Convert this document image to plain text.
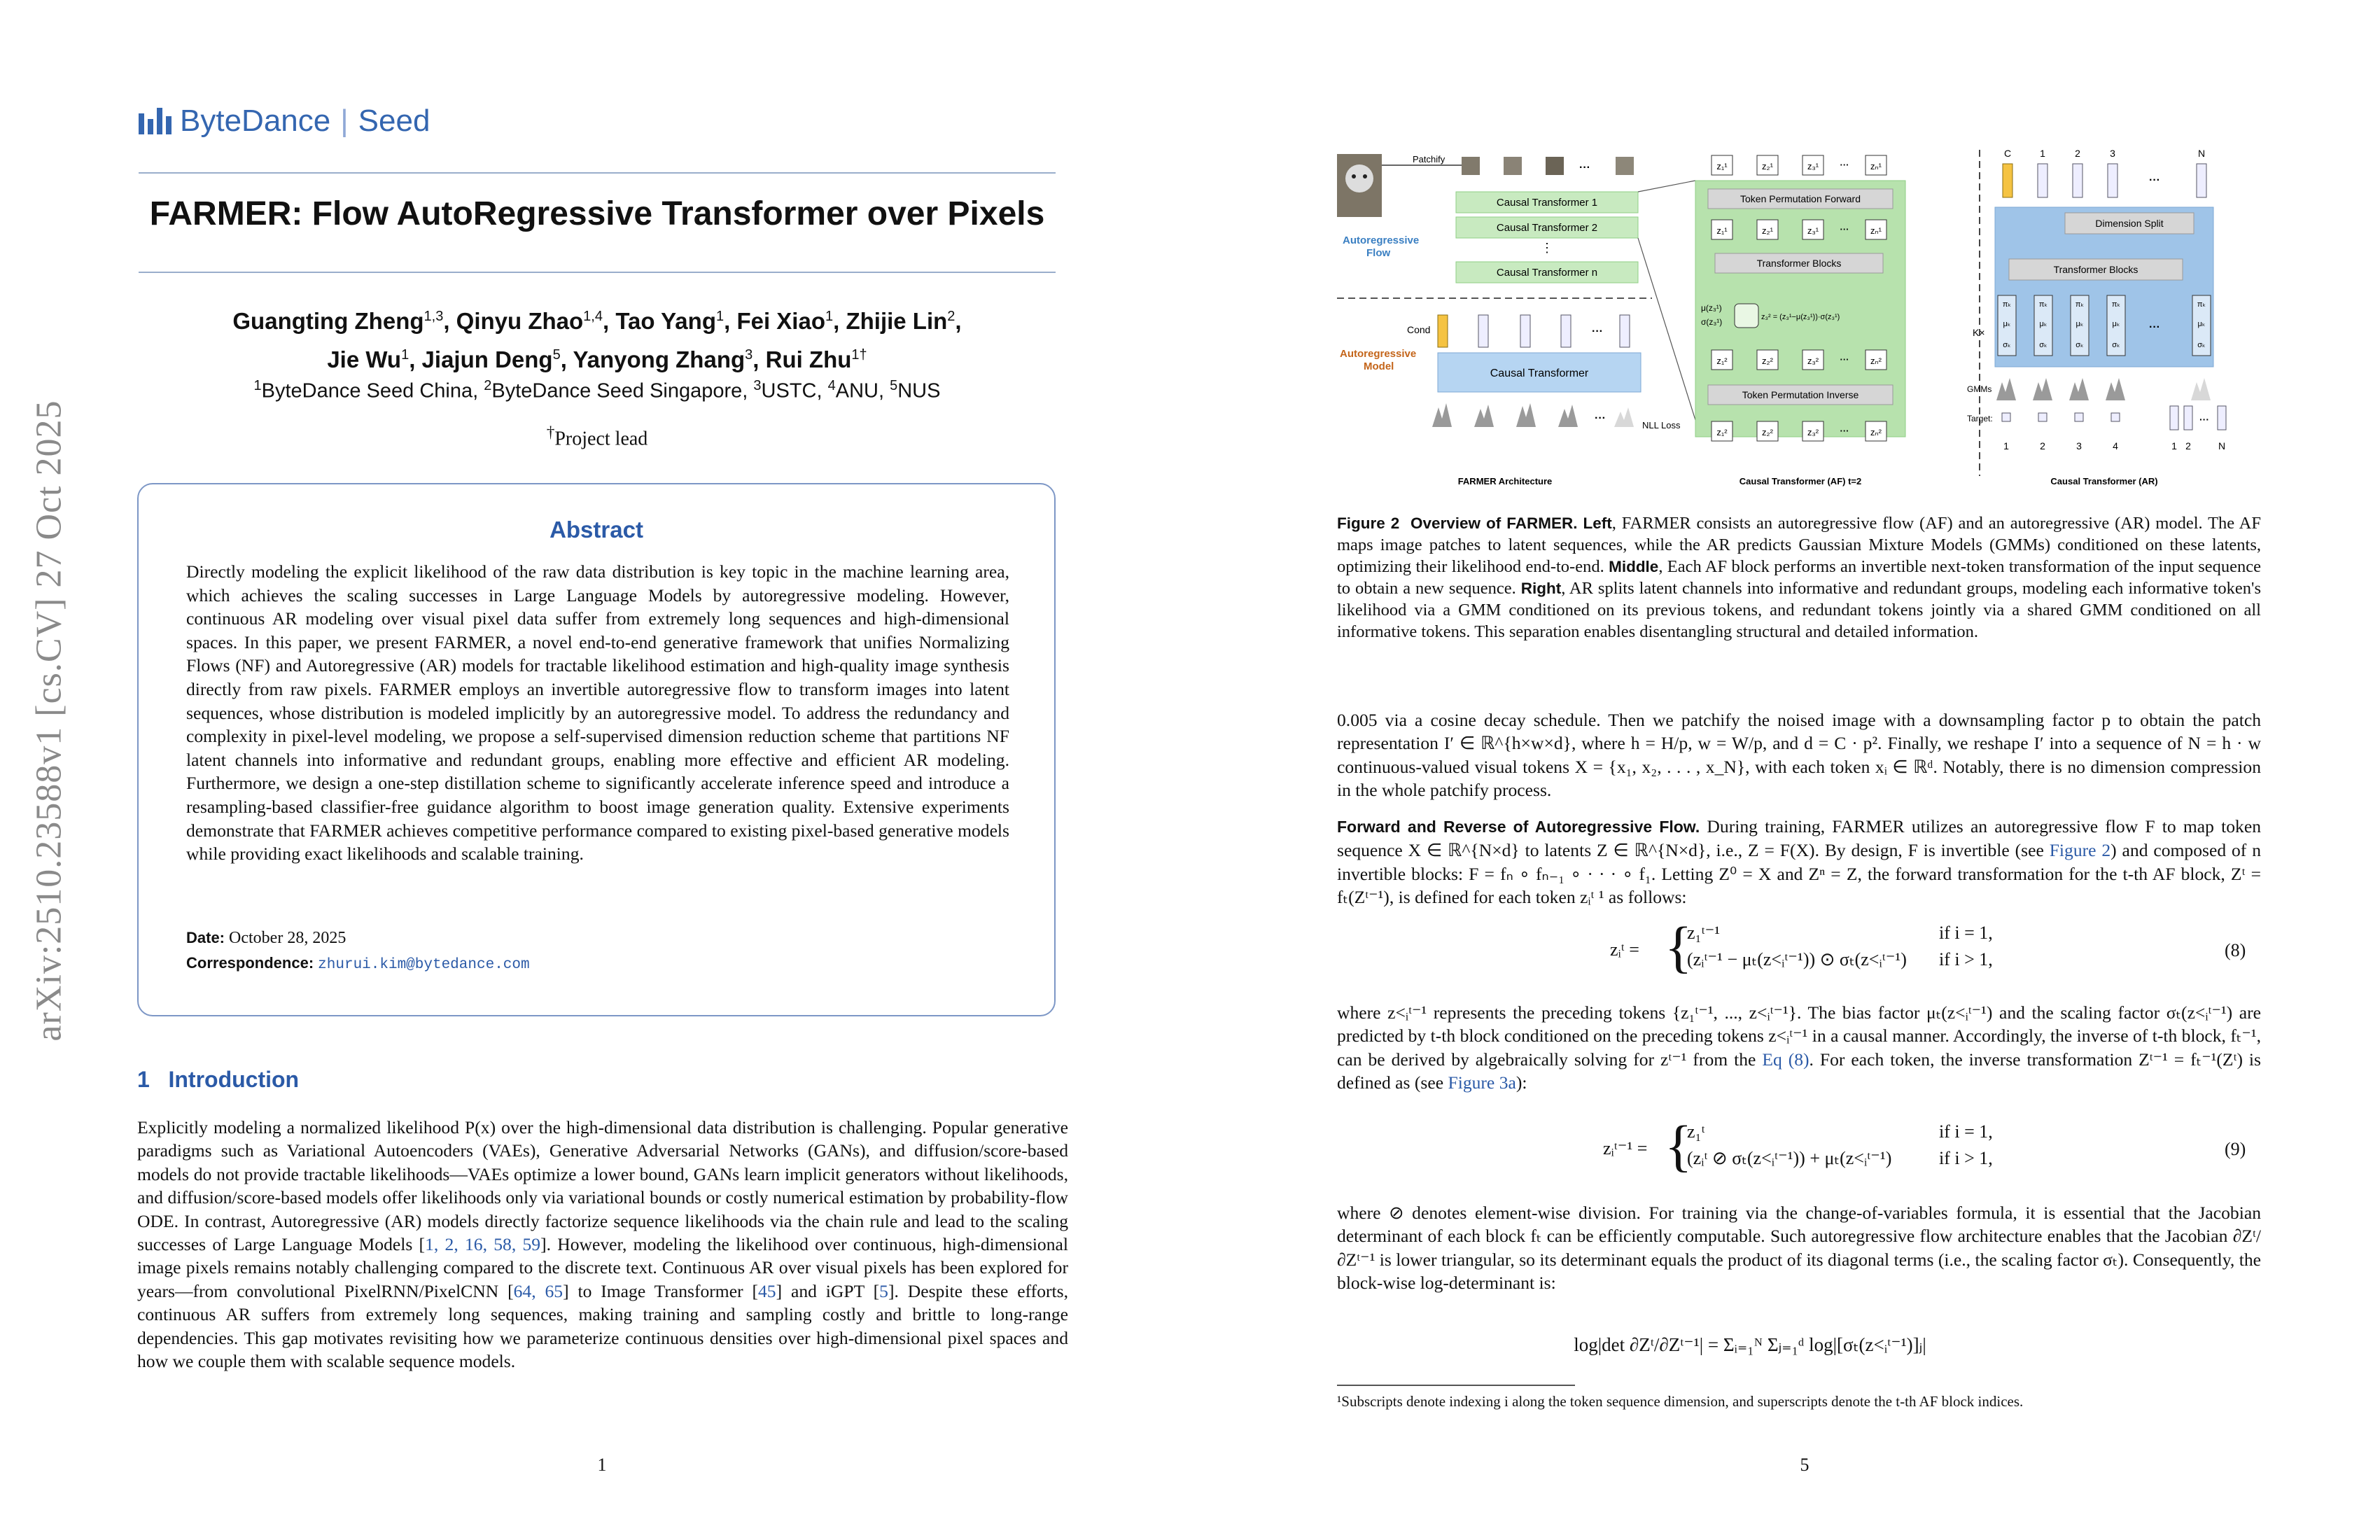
arXiv:2510.23588v1 [cs.CV] 27 Oct 2025
ByteDance | Seed
FARMER: Flow AutoRegressive Transformer over Pixels
Guangting Zheng$^{1,3}$, Qinyu Zhao$^{1,4}$, Tao Yang$^1$, Fei Xiao$^1$, Zhijie Lin$^2$,
Jie Wu$^1$, Jiajun Deng$^5$, Yanyong Zhang$^3$, Rui Zhu$^{1\dagger}$
$^1$ByteDance Seed China, $^2$ByteDance Seed Singapore, $^3$USTC, $^4$ANU, $^5$NUS
†Project lead
Abstract
Directly modeling the explicit likelihood of the raw data distribution is key topic in the machine learning area, which achieves the scaling successes in Large Language Models by autoregressive modeling. However, continuous AR modeling over visual pixel data suffer from extremely long sequences and high-dimensional spaces. In this paper, we present FARMER, a novel end-to-end generative framework that unifies Normalizing Flows (NF) and Autoregressive (AR) models for tractable likelihood estimation and high-quality image synthesis directly from raw pixels. FARMER employs an invertible autoregressive flow to transform images into latent sequences, whose distribution is modeled implicitly by an autoregressive model. To address the redundancy and complexity in pixel-level modeling, we propose a self-supervised dimension reduction scheme that partitions NF latent channels into informative and redundant groups, enabling more effective and efficient AR modeling. Furthermore, we design a one-step distillation scheme to significantly accelerate inference speed and introduce a resampling-based classifier-free guidance algorithm to boost image generation quality. Extensive experiments demonstrate that FARMER achieves competitive performance compared to existing pixel-based generative models while providing exact likelihoods and scalable training.
Date: October 28, 2025
Correspondence: zhurui.kim@bytedance.com
1 Introduction
Explicitly modeling a normalized likelihood P(x) over the high-dimensional data distribution is challenging. Popular generative paradigms such as Variational Autoencoders (VAEs), Generative Adversarial Networks (GANs), and diffusion/score-based models do not provide tractable likelihoods—VAEs optimize a lower bound, GANs learn implicit generators without likelihoods, and diffusion/score-based models offer likelihoods only via variational bounds or costly numerical estimation by probability-flow ODE. In contrast, Autoregressive (AR) models directly factorize sequence likelihoods via the chain rule and lead to the scaling successes of Large Language Models [1, 2, 16, 58, 59]. However, modeling the likelihood over continuous, high-dimensional image pixels remains notably challenging compared to the discrete text. Continuous AR over visual pixels has been explored for years—from convolutional PixelRNN/PixelCNN [64, 65] to Image Transformer [45] and iGPT [5]. Despite these efforts, continuous AR suffers from extremely long sequences, making training and sampling costly and brittle to long-range dependencies. This gap motivates revisiting how we parameterize continuous densities over high-dimensional pixel spaces and how we couple them with scalable sequence models.
1	5
Patchify
···
Causal Transformer 1
Causal Transformer 2
⋮
Causal Transformer n
Autoregressive
Flow
Cond	···
Autoregressive
Model
Causal Transformer
···
NLL Loss
FARMER Architecture
z₁¹	z₂¹	z₃¹	zₙ¹
···
Token Permutation Forward
z₁¹	z₂¹	z₃¹	zₙ¹
···
Transformer Blocks
μ(z₃¹)
σ(z₃¹)	z₃² = (z₃¹−μ(z₃¹))·σ(z₃¹)
z₁²	z₂²	z₃²	zₙ²
···
Token Permutation Inverse
z₁²	z₂²	z₃²	zₙ²
···
Causal Transformer (AF) t=2
C	1	2	3	N
···
Dimension Split
Transformer Blocks
K×
πₖ
μₖ
σₖ
πₖ
μₖ
σₖ
πₖ
μₖ
σₖ
πₖ
μₖ
σₖ
πₖ
μₖ
σₖ
···
GMMs
Target:	···
1	2	3	4	1 2	N
Causal Transformer (AR)
Figure 2 Overview of FARMER. Left, FARMER consists an autoregressive flow (AF) and an autoregressive (AR) model. The AF maps image patches to latent sequences, while the AR predicts Gaussian Mixture Models (GMMs) conditioned on these latents, optimizing their likelihood end-to-end. Middle, Each AF block performs an invertible next-token transformation of the input sequence to obtain a new sequence. Right, AR splits latent channels into informative and redundant groups, modeling each informative token's likelihood via a GMM conditioned on its previous tokens, and redundant tokens jointly via a shared GMM conditioned on all informative tokens. This separation enables disentangling structural and detailed information.
0.005 via a cosine decay schedule. Then we patchify the noised image with a downsampling factor p to obtain the patch representation I′ ∈ ℝ^{h×w×d}, where h = H/p, w = W/p, and d = C · p². Finally, we reshape I′ into a sequence of N = h · w continuous-valued visual tokens X = {x₁, x₂, . . . , x_N}, with each token xᵢ ∈ ℝᵈ. Notably, there is no dimension compression in the whole patchify process.
Forward and Reverse of Autoregressive Flow. During training, FARMER utilizes an autoregressive flow F to map token sequence X ∈ ℝ^{N×d} to latents Z ∈ ℝ^{N×d}, i.e., Z = F(X). By design, F is invertible (see Figure 2) and composed of n invertible blocks: F = fₙ ∘ fₙ₋₁ ∘ · · · ∘ f₁. Letting Z⁰ = X and Zⁿ = Z, the forward transformation for the t-th AF block, Zᵗ = fₜ(Zᵗ⁻¹), is defined for each token zᵢᵗ ¹ as follows:
zᵢᵗ = {
z₁ᵗ⁻¹	if i = 1,
(zᵢᵗ⁻¹ − μₜ(z<ᵢᵗ⁻¹)) ⊙ σₜ(z<ᵢᵗ⁻¹) if i > 1,	(8)
where z<ᵢᵗ⁻¹ represents the preceding tokens {z₁ᵗ⁻¹, ..., z<ᵢᵗ⁻¹}. The bias factor μₜ(z<ᵢᵗ⁻¹) and the scaling factor σₜ(z<ᵢᵗ⁻¹) are predicted by t-th block conditioned on the preceding tokens z<ᵢᵗ⁻¹ in a causal manner. Accordingly, the inverse of t-th block, fₜ⁻¹, can be derived by algebraically solving for zᵗ⁻¹ from the Eq (8). For each token, the inverse transformation Zᵗ⁻¹ = fₜ⁻¹(Zᵗ) is defined as (see Figure 3a):
zᵢᵗ⁻¹ = {
z₁ᵗ	if i = 1,
(zᵢᵗ ⊘ σₜ(z<ᵢᵗ⁻¹)) + μₜ(z<ᵢᵗ⁻¹)	if i > 1,	(9)
where ⊘ denotes element-wise division. For training via the change-of-variables formula, it is essential that the Jacobian determinant of each block fₜ can be efficiently computable. Such autoregressive flow architecture enables that the Jacobian ∂Zᵗ/∂Zᵗ⁻¹ is lower triangular, so its determinant equals the product of its diagonal terms (i.e., the scaling factor σₜ). Consequently, the block-wise log-determinant is:
log|det ∂Zᵗ/∂Zᵗ⁻¹| = Σᵢ₌₁ᴺ Σⱼ₌₁ᵈ log|[σₜ(z<ᵢᵗ⁻¹)]ⱼ|
¹Subscripts denote indexing i along the token sequence dimension, and superscripts denote the t-th AF block indices.
